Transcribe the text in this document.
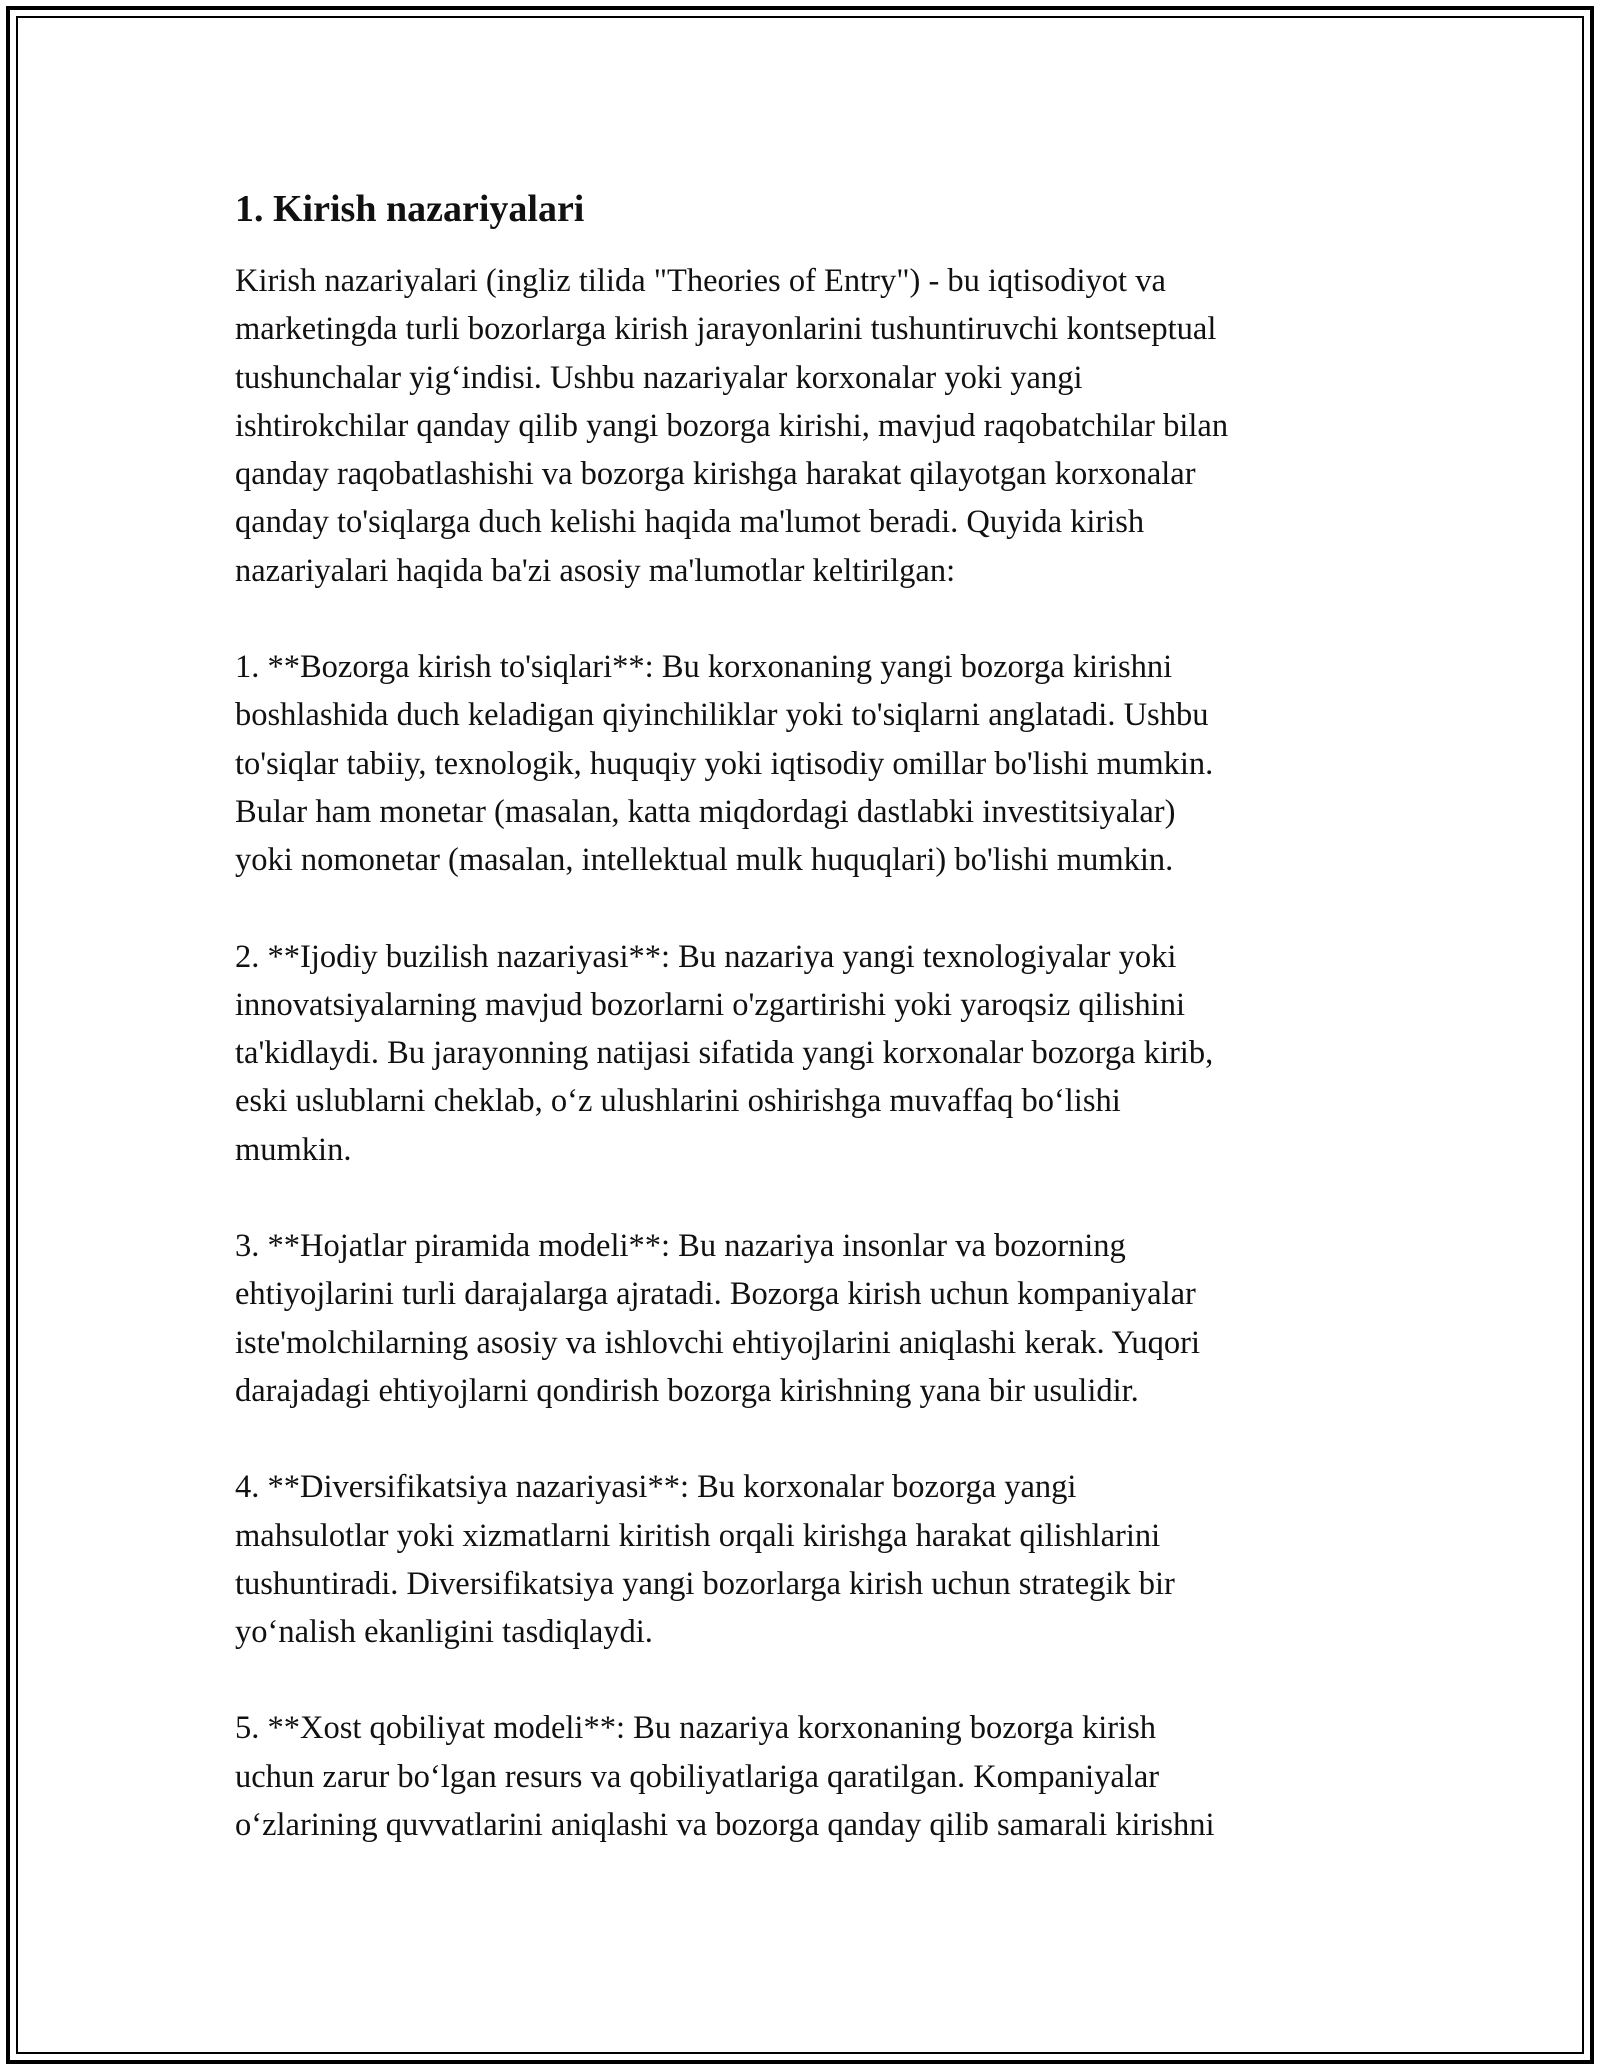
1. Kirish nazariyalari

Kirish nazariyalari (ingliz tilida "Theories of Entry") - bu iqtisodiyot va
marketingda turli bozorlarga kirish jarayonlarini tushuntiruvchi kontseptual
tushunchalar yig‘indisi. Ushbu nazariyalar korxonalar yoki yangi
ishtirokchilar qanday qilib yangi bozorga kirishi, mavjud raqobatchilar bilan
qanday raqobatlashishi va bozorga kirishga harakat qilayotgan korxonalar
qanday to'siqlarga duch kelishi haqida ma'lumot beradi. Quyida kirish
nazariyalari haqida ba'zi asosiy ma'lumotlar keltirilgan:

1. **Bozorga kirish to'siqlari**: Bu korxonaning yangi bozorga kirishni
boshlashida duch keladigan qiyinchiliklar yoki to'siqlarni anglatadi. Ushbu
to'siqlar tabiiy, texnologik, huquqiy yoki iqtisodiy omillar bo'lishi mumkin.
Bular ham monetar (masalan, katta miqdordagi dastlabki investitsiyalar)
yoki nomonetar (masalan, intellektual mulk huquqlari) bo'lishi mumkin.

2. **Ijodiy buzilish nazariyasi**: Bu nazariya yangi texnologiyalar yoki
innovatsiyalarning mavjud bozorlarni o'zgartirishi yoki yaroqsiz qilishini
ta'kidlaydi. Bu jarayonning natijasi sifatida yangi korxonalar bozorga kirib,
eski uslublarni cheklab, o‘z ulushlarini oshirishga muvaffaq bo‘lishi
mumkin.

3. **Hojatlar piramida modeli**: Bu nazariya insonlar va bozorning
ehtiyojlarini turli darajalarga ajratadi. Bozorga kirish uchun kompaniyalar
iste'molchilarning asosiy va ishlovchi ehtiyojlarini aniqlashi kerak. Yuqori
darajadagi ehtiyojlarni qondirish bozorga kirishning yana bir usulidir.

4. **Diversifikatsiya nazariyasi**: Bu korxonalar bozorga yangi
mahsulotlar yoki xizmatlarni kiritish orqali kirishga harakat qilishlarini
tushuntiradi. Diversifikatsiya yangi bozorlarga kirish uchun strategik bir
yo‘nalish ekanligini tasdiqlaydi.

5. **Xost qobiliyat modeli**: Bu nazariya korxonaning bozorga kirish
uchun zarur bo‘lgan resurs va qobiliyatlariga qaratilgan. Kompaniyalar
o‘zlarining quvvatlarini aniqlashi va bozorga qanday qilib samarali kirishni
